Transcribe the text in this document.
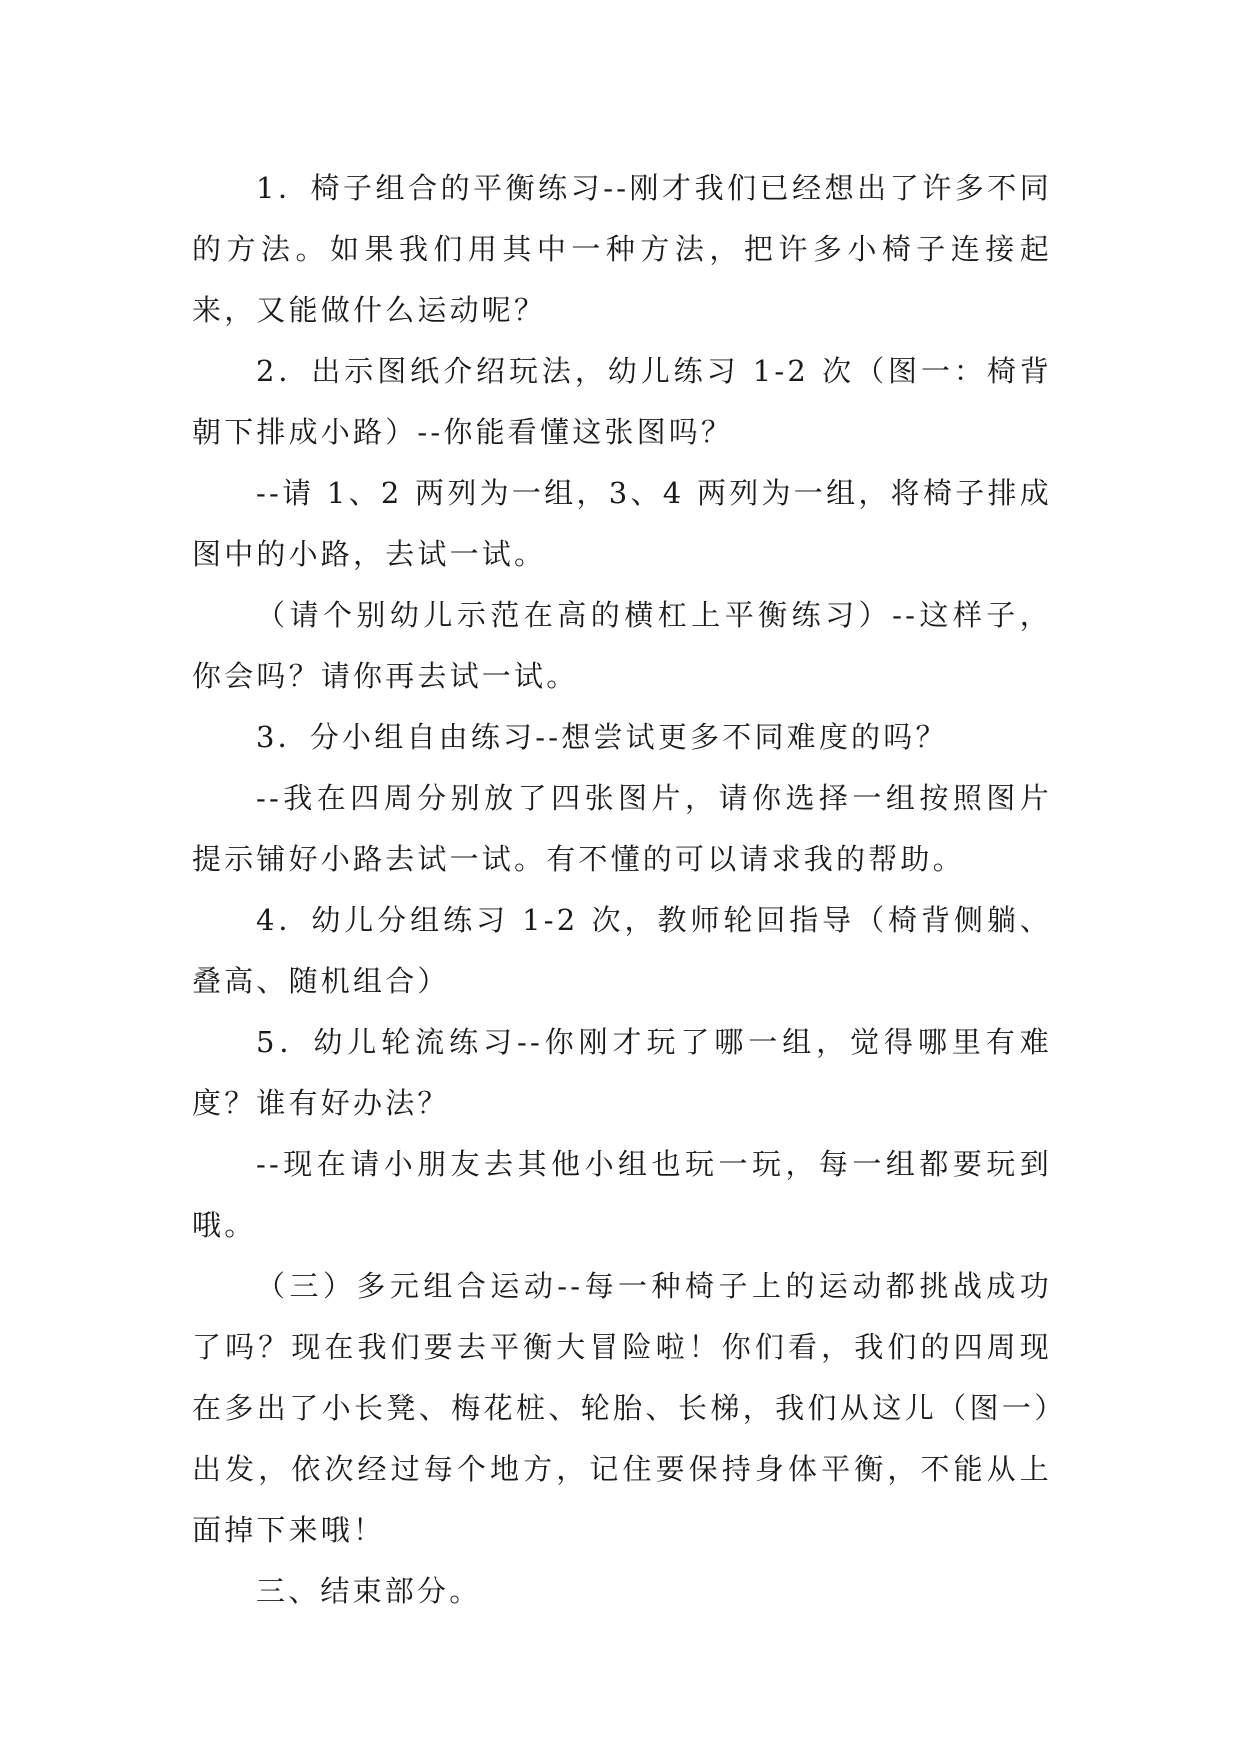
1．椅子组合的平衡练习--刚才我们已经想出了许多不同的方法。如果我们用其中一种方法，把许多小椅子连接起来，又能做什么运动呢？

2．出示图纸介绍玩法，幼儿练习 1-2 次（图一：椅背朝下排成小路）--你能看懂这张图吗？

--请 1、2 两列为一组，3、4 两列为一组，将椅子排成图中的小路，去试一试。

（请个别幼儿示范在高的横杠上平衡练习）--这样子，你会吗？请你再去试一试。

3．分小组自由练习--想尝试更多不同难度的吗？

--我在四周分别放了四张图片，请你选择一组按照图片提示铺好小路去试一试。有不懂的可以请求我的帮助。

4．幼儿分组练习 1-2 次，教师轮回指导（椅背侧躺、叠高、随机组合）

5．幼儿轮流练习--你刚才玩了哪一组，觉得哪里有难度？谁有好办法？

--现在请小朋友去其他小组也玩一玩，每一组都要玩到哦。

（三）多元组合运动--每一种椅子上的运动都挑战成功了吗？现在我们要去平衡大冒险啦！你们看，我们的四周现在多出了小长凳、梅花桩、轮胎、长梯，我们从这儿（图一）出发，依次经过每个地方，记住要保持身体平衡，不能从上面掉下来哦！

三、结束部分。
